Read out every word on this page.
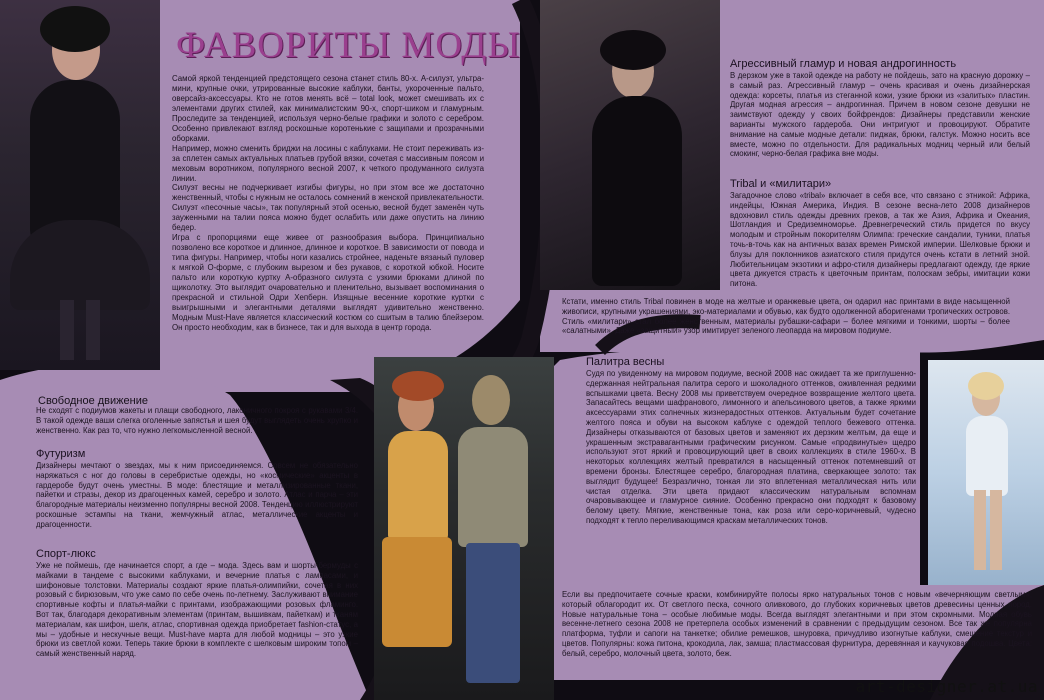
ФАВОРИТЫ МОДЫ

Самой яркой тенденцией предстоящего сезона станет стиль 80-х. А-силуэт, ультра-мини, крупные очки, утрированные высокие каблуки, банты, укороченные пальто, оверсайз-аксессуары. Кто не готов менять всё – total look, может смешивать их с элементами других стилей, как минималистским 90-х, спорт-шиком и гламурным. Проследите за тенденцией, используя черно-белые графики и золото с серебром. Особенно привлекают взгляд роскошные коротенькие с защипами и прозрачными оборками.

Например, можно сменить бриджи на лосины с каблуками. Не стоит переживать из-за сплетен самых актуальных платьев грубой вязки, сочетая с массивным поясом и меховым воротником, популярного весной 2007, к четкого продуманного силуэта линии.

Силуэт весны не подчеркивает изгибы фигуры, но при этом все же достаточно женственный, чтобы с нужным не осталось сомнений в женской привлекательности. Силуэт «песочные часы», так популярный этой осенью, весной будет заменён чуть зауженными на талии пояса можно будет ослабить или даже опустить на линию бедер.

Игра с пропорциями еще живее от разнообразия выбора. Принципиально позволено все короткое и длинное, длинное и короткое. В зависимости от повода и типа фигуры. Например, чтобы ноги казались стройнее, наденьте вязаный пуловер к мягкой О-форме, с глубоким вырезом и без рукавов, с короткой юбкой. Носите пальто или короткую куртку А-образного силуэта с узкими брюками длиной по щиколотку. Это выглядит очаровательно и пленительно, вызывает воспоминания о прекрасной и стильной Одри Хепберн. Изящные весенние короткие куртки с выигрышными и элегантными деталями выглядят удивительно женственно. Модным Must-Have является классический костюм со сшитым в талию блейзером. Он просто необходим, как в бизнесе, так и для выхода в центр города.

Свободное движение
Не сходят с подиумов жакеты и плащи свободного, лаконичного покроя с рукавами 3/4. В такой одежде ваши слегка оголенные запястья и шея будут выглядеть очень хрупко и женственно. Как раз то, что нужно легкомысленной весной.
Футуризм
Дизайнеры мечтают о звездах, мы к ним присоединяемся. Совсем не обязательно наряжаться с ног до головы в серебристые одежды, но «космические» акценты в гардеробе будут очень уместны. В моде: блестящие и металлизированные ткани, пайетки и стразы, декор из драгоценных камей, серебро и золото. Атлас и парча – эти благородные материалы неизменно популярны весной 2008. Тенденцию иллюстрируют роскошные эстампы на ткани, жемчужный атлас, металлические акценты и драгоценности.
Спорт-люкс
Уже не поймешь, где начинается спорт, а где – мода. Здесь вам и шорты-бермуды с майками в тандеме с высокими каблуками, и вечерние платья с лампасами, и шифоновые толстовки. Материалы создают яркие платья-олимпийки, сочетая в них розовый с бирюзовым, что уже само по себе очень по-летнему. Заслуживают внимание спортивные кофты и платья-майки с принтами, изображающими розовых фламинго. Вот так, благодаря декоративным элементам (принтам, вышивкам, пайеткам) и тканям материалам, как шифон, шелк, атлас, спортивная одежда приобретает fashion-статус, а мы – удобные и нескучные вещи. Must-have марта для любой модницы – это узкие брюки из светлой кожи. Теперь такие брюки в комплекте с шелковым широким топом – самый женственный наряд.
Агрессивный гламур и новая андрогинность
В дерзком уже в такой одежде на работу не пойдешь, зато на красную дорожку – в самый раз. Агрессивный гламур – очень красивая и очень дизайнерская одежда: корсеты, платья из стеганной кожи, узкие брюки из «залитых» пластин. Другая модная агрессия – андрогинная. Причем в новом сезоне девушки не заимствуют одежду у своих бойфрендов: Дизайнеры представили женские варианты мужского гардероба. Они интригуют и провоцируют. Обратите внимание на самые модные детали: пиджак, брюки, галстук. Можно носить все вместе, можно по отдельности. Для радикальных модниц черный или белый смокинг, черно-белая графика вне моды.
Tribal и «милитари»
Загадочное слово «tribal» включает в себя все, что связано с этникой: Африка, индейцы, Южная Америка, Индия. В сезоне весна-лето 2008 дизайнеров вдохновил стиль одежды древних греков, а так же Азия, Африка и Океания, Шотландия и Средиземноморье. Древнегреческий стиль придется по вкусу молодым и стройным покорителям Олимпа: греческие сандалии, туники, платья точь-в-точь как на античных вазах времен Римской империи. Шелковые брюки и блузы для поклонников азиатского стиля придутся очень кстати в летний зной. Любительницам экзотики и афро-стиля дизайнеры предлагают одежду, где яркие цвета дикуется страсть к цветочным принтам, полоскам зебры, имитации кожи питона.
Кстати, именно стиль Tribal повинен в моде на желтые и оранжевые цвета, он одарил нас принтами в виде насыщенной живописи, крупными украшениями, эко-материалами и обувью, как будто одолженной аборигенами тропических островов. Стиль «милитари» стал более женственным, материалы рубашки-сафари – более мягкими и тонкими, шорты – более «салатными». Даже «защитный» узор имитирует зеленого леопарда на мировом подиуме.
Палитра весны
Судя по увиденному на мировом подиуме, весной 2008 нас ожидает та же приглушенно-сдержанная нейтральная палитра серого и шоколадного оттенков, оживленная редкими вспышками цвета. Весну 2008 мы приветствуем очередное возвращение желтого цвета. Запасайтесь вещами шафранового, лимонного и апельсинового цветов, а также яркими аксессуарами этих солнечных жизнерадостных оттенков. Актуальным будет сочетание желтого пояса и обуви на высоком каблуке с одеждой теплого бежевого оттенка. Дизайнеры отказываются от базовых цветов и заменяют их дерзким желтым, да еще и украшенным экстравагантными графическим рисунком. Самые «продвинутые» щедро используют этот яркий и провоцирующий цвет в своих коллекциях в стиле 1960-х. В некоторых коллекциях желтый превратился в насыщенный оттенок потемневший от времени бронзы. Блестящее серебро, благородная платина, сверкающее золото: так выглядит будущее! Безразлично, тонкая ли это вплетенная металлическая нить или чистая отделка. Эти цвета придают классическим натуральным вспомнам очаровывающее и гламурное сияние. Особенно прекрасно они подходят к базовому белому цвету. Мягкие, женственные тона, как роза или серо-коричневый, чудесно подходят к тепло переливающимся краскам металлических тонов.
Если вы предпочитаете сочные краски, комбинируйте полосы ярко натуральных тонов с новым «вечерняющим светлым», который облагородит их. От светлого песка, сочного оливкового, до глубоких коричневых цветов древесины ценных пород. Новые натуральные тона – особые любимые моды. Всегда выглядят элегантными и при этом скромными. Модная обувь весенне-летнего сезона 2008 не претерпела особых изменений в сравнении с предыдущим сезоном. Все так же популярна платформа, туфли и сапоги на танкетке; обилие ремешков, шнуровка, причудливо изогнутые каблуки, смешение текстур и цветов. Популярны: кожа питона, крокодила, лак, замша; пластмассовая фурнитура, деревянная и каучуковая подошва. Цвета: белый, серебро, молочный цвета, золото, беж.
art-designer.at.ua
